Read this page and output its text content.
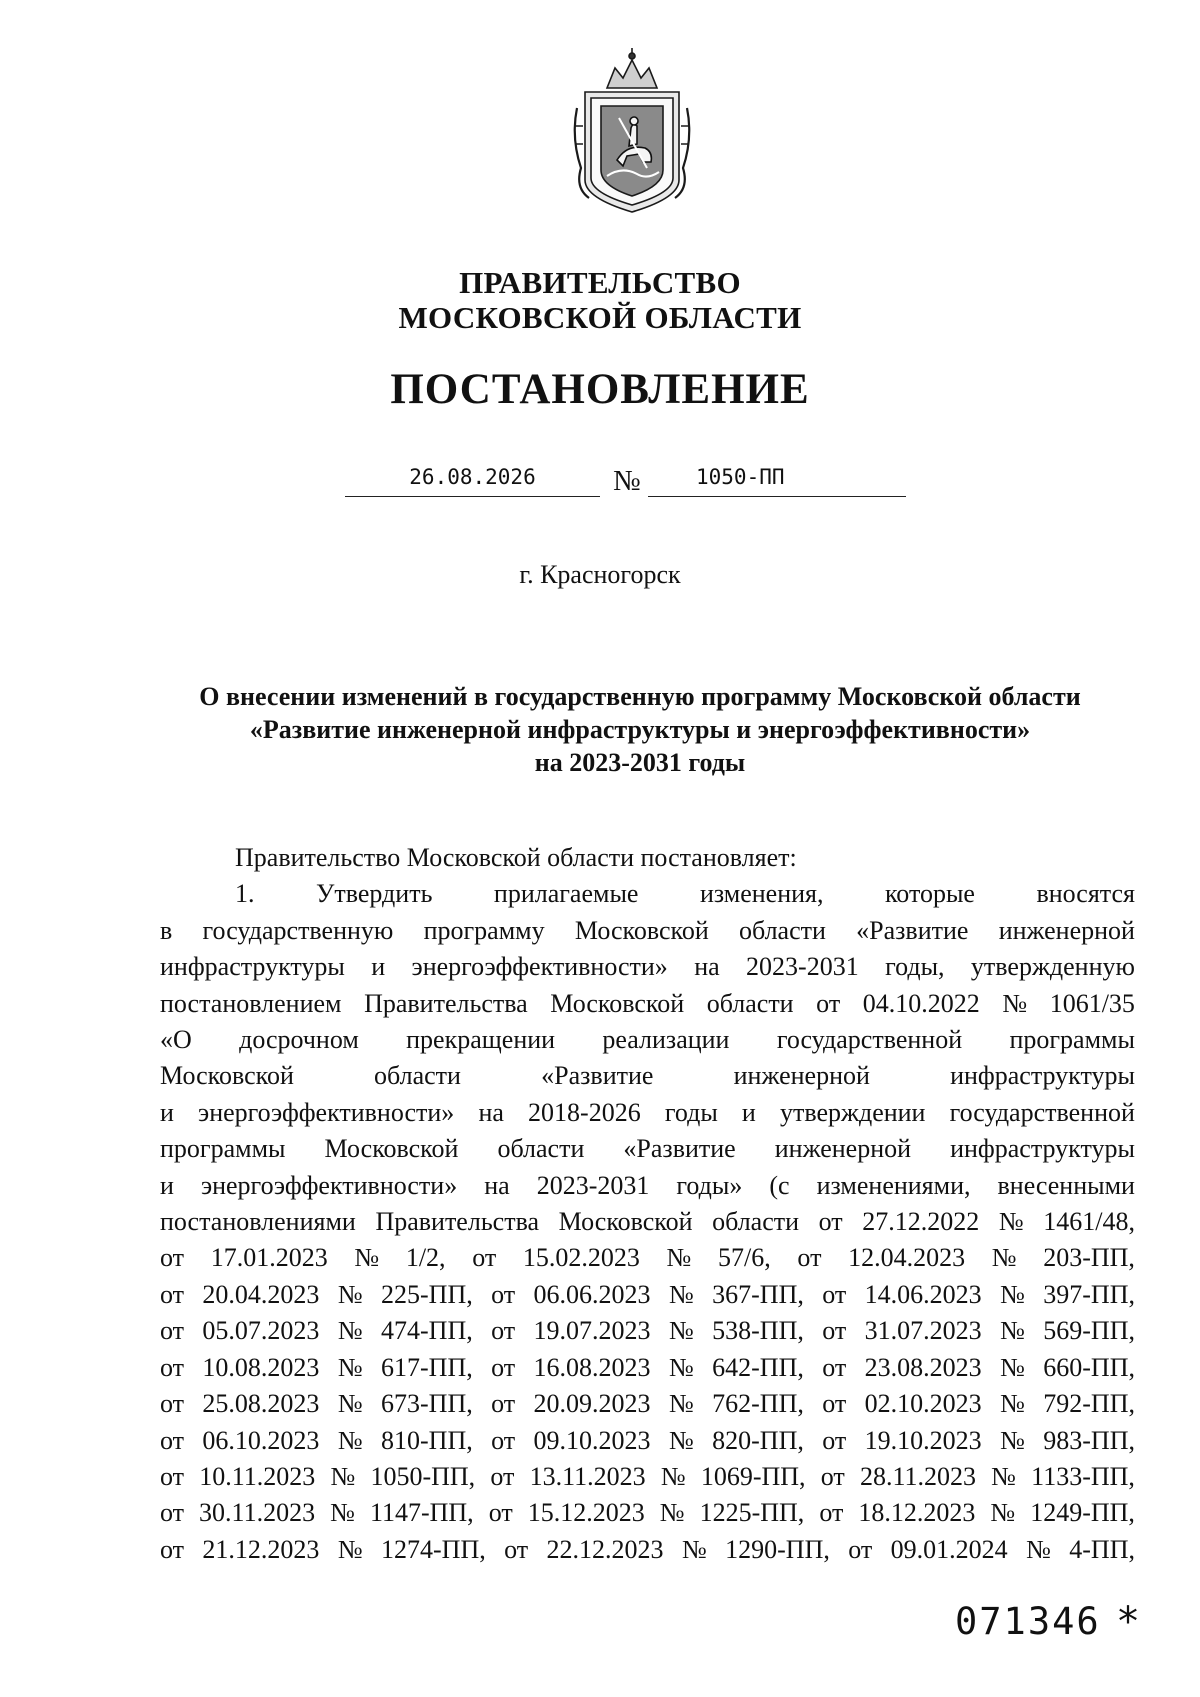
ПРАВИТЕЛЬСТВО
МОСКОВСКОЙ ОБЛАСТИ
ПОСТАНОВЛЕНИЕ
26.08.2026	№	1050-ПП
г. Красногорск
О внесении изменений в государственную программу Московской области
«Развитие инженерной инфраструктуры и энергоэффективности»
на 2023-2031 годы

Правительство Московской области постановляет:

1. Утвердить прилагаемые изменения, которые вносятся

в государственную программу Московской области «Развитие инженерной

инфраструктуры и энергоэффективности» на 2023-2031 годы, утвержденную

постановлением Правительства Московской области от 04.10.2022 № 1061/35

«О досрочном прекращении реализации государственной программы

Московской	области	«Развитие	инженерной	инфраструктуры

и энергоэффективности» на 2018-2026 годы и утверждении государственной

программы Московской области «Развитие инженерной инфраструктуры

и энергоэффективности» на 2023-2031 годы» (с изменениями, внесенными

постановлениями Правительства Московской области от 27.12.2022 № 1461/48,

от 17.01.2023 № 1/2, от 15.02.2023 № 57/6, от 12.04.2023 № 203-ПП,

от 20.04.2023 № 225-ПП, от 06.06.2023 № 367-ПП, от 14.06.2023 № 397-ПП,

от 05.07.2023 № 474-ПП, от 19.07.2023 № 538-ПП, от 31.07.2023 № 569-ПП,

от 10.08.2023 № 617-ПП, от 16.08.2023 № 642-ПП, от 23.08.2023 № 660-ПП,

от 25.08.2023 № 673-ПП, от 20.09.2023 № 762-ПП, от 02.10.2023 № 792-ПП,

от 06.10.2023 № 810-ПП, от 09.10.2023 № 820-ПП, от 19.10.2023 № 983-ПП,

от 10.11.2023 № 1050-ПП, от 13.11.2023 № 1069-ПП, от 28.11.2023 № 1133-ПП,

от 30.11.2023 № 1147-ПП, от 15.12.2023 № 1225-ПП, от 18.12.2023 № 1249-ПП,

от 21.12.2023 № 1274-ПП, от 22.12.2023 № 1290-ПП, от 09.01.2024 № 4-ПП,

071346 *
